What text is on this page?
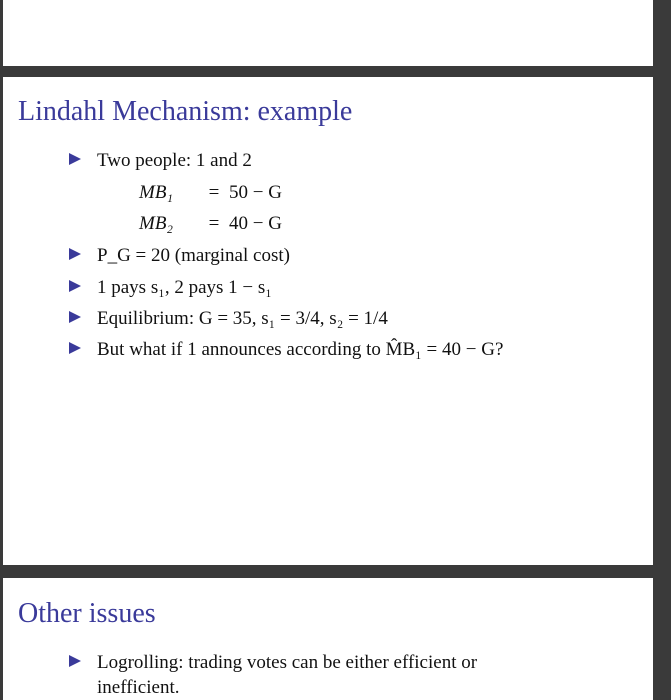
Lindahl Mechanism: example
Two people: 1 and 2
MB₁ = 50 − G
MB₂ = 40 − G
P_G = 20 (marginal cost)
1 pays s₁, 2 pays 1 − s₁
Equilibrium: G = 35, s₁ = 3/4, s₂ = 1/4
But what if 1 announces according to M̂B₁ = 40 − G?
Other issues
Logrolling: trading votes can be either efficient or
inefficient.
